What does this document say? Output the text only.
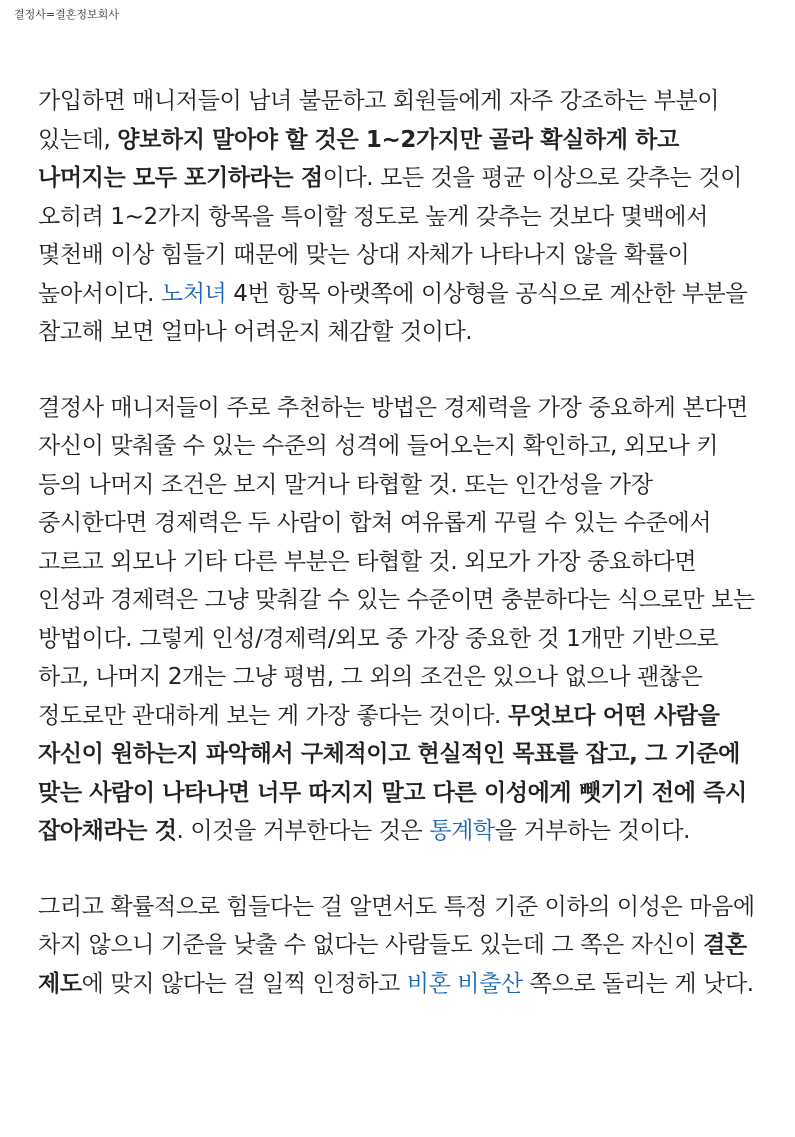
결정사=결혼정보회사

가입하면 매니저들이 남녀 불문하고 회원들에게 자주 강조하는 부분이 있는데, 양보하지 말아야 할 것은 1~2가지만 골라 확실하게 하고 나머지는 모두 포기하라는 점이다. 모든 것을 평균 이상으로 갖추는 것이 오히려 1~2가지 항목을 특이할 정도로 높게 갖추는 것보다 몇백에서 몇천배 이상 힘들기 때문에 맞는 상대 자체가 나타나지 않을 확률이 높아서이다. 노처녀 4번 항목 아랫쪽에 이상형을 공식으로 계산한 부분을 참고해 보면 얼마나 어려운지 체감할 것이다.

결정사 매니저들이 주로 추천하는 방법은 경제력을 가장 중요하게 본다면 자신이 맞춰줄 수 있는 수준의 성격에 들어오는지 확인하고, 외모나 키 등의 나머지 조건은 보지 말거나 타협할 것. 또는 인간성을 가장 중시한다면 경제력은 두 사람이 합쳐 여유롭게 꾸릴 수 있는 수준에서 고르고 외모나 기타 다른 부분은 타협할 것. 외모가 가장 중요하다면 인성과 경제력은 그냥 맞춰갈 수 있는 수준이면 충분하다는 식으로만 보는 방법이다. 그렇게 인성/경제력/외모 중 가장 중요한 것 1개만 기반으로 하고, 나머지 2개는 그냥 평범, 그 외의 조건은 있으나 없으나 괜찮은 정도로만 관대하게 보는 게 가장 좋다는 것이다. 무엇보다 어떤 사람을 자신이 원하는지 파악해서 구체적이고 현실적인 목표를 잡고, 그 기준에 맞는 사람이 나타나면 너무 따지지 말고 다른 이성에게 뺏기기 전에 즉시 잡아채라는 것. 이것을 거부한다는 것은 통계학을 거부하는 것이다.

그리고 확률적으로 힘들다는 걸 알면서도 특정 기준 이하의 이성은 마음에 차지 않으니 기준을 낮출 수 없다는 사람들도 있는데 그 쪽은 자신이 결혼 제도에 맞지 않다는 걸 일찍 인정하고 비혼 비출산 쪽으로 돌리는 게 낫다.
